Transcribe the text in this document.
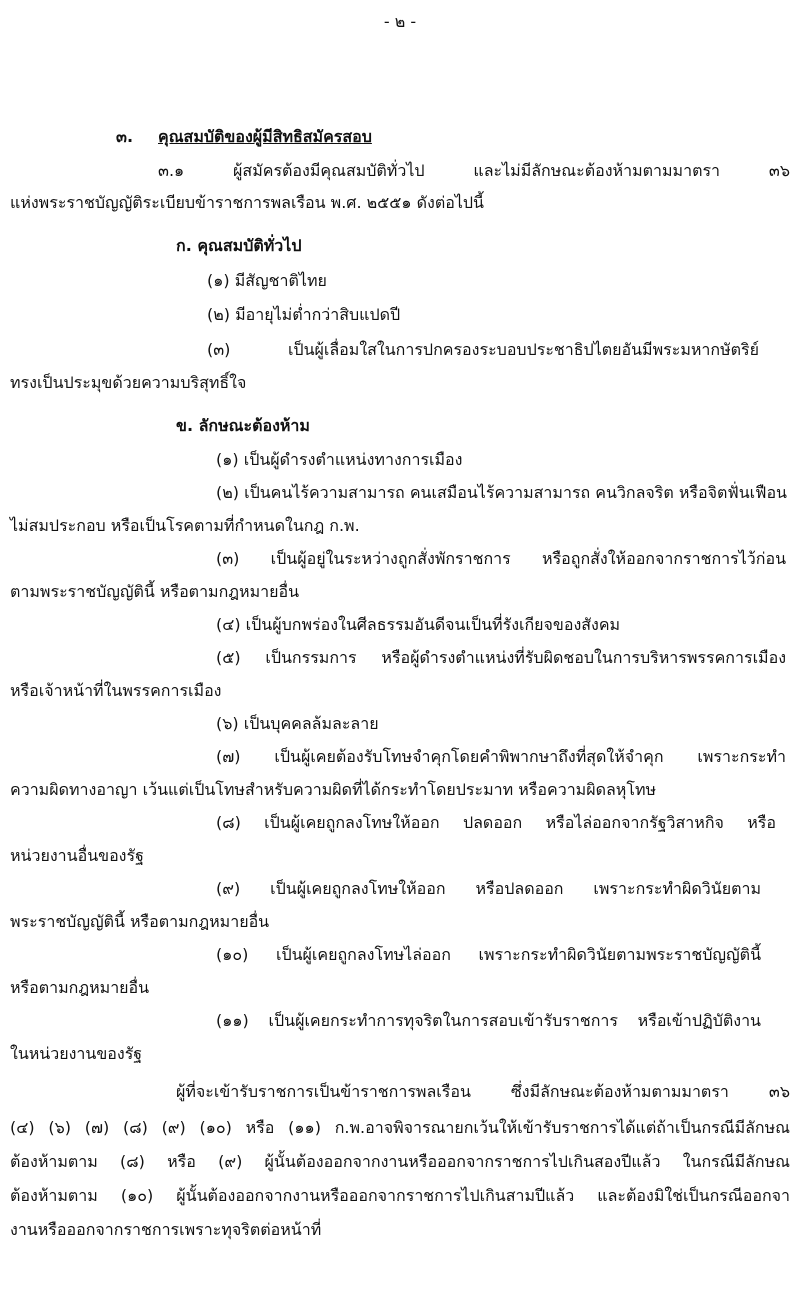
- ๒ -
๓. คุณสมบัติของผู้มีสิทธิสมัครสอบ
๓.๑ ผู้สมัครต้องมีคุณสมบัติทั่วไป และไม่มีลักษณะต้องห้ามตามมาตรา ๓๖
แห่งพระราชบัญญัติระเบียบข้าราชการพลเรือน พ.ศ. ๒๕๕๑ ดังต่อไปนี้
ก. คุณสมบัติทั่วไป
(๑) มีสัญชาติไทย
(๒) มีอายุไม่ต่ำกว่าสิบแปดปี
(๓) เป็นผู้เลื่อมใสในการปกครองระบอบประชาธิปไตยอันมีพระมหากษัตริย์
ทรงเป็นประมุขด้วยความบริสุทธิ์ใจ
ข. ลักษณะต้องห้าม
(๑) เป็นผู้ดำรงตำแหน่งทางการเมือง
(๒) เป็นคนไร้ความสามารถ คนเสมือนไร้ความสามารถ คนวิกลจริต หรือจิตฟั่นเฟือน
ไม่สมประกอบ หรือเป็นโรคตามที่กำหนดในกฎ ก.พ.
(๓) เป็นผู้อยู่ในระหว่างถูกสั่งพักราชการ หรือถูกสั่งให้ออกจากราชการไว้ก่อน
ตามพระราชบัญญัตินี้ หรือตามกฎหมายอื่น
(๔) เป็นผู้บกพร่องในศีลธรรมอันดีจนเป็นที่รังเกียจของสังคม
(๕) เป็นกรรมการ หรือผู้ดำรงตำแหน่งที่รับผิดชอบในการบริหารพรรคการเมือง
หรือเจ้าหน้าที่ในพรรคการเมือง
(๖) เป็นบุคคลล้มละลาย
(๗) เป็นผู้เคยต้องรับโทษจำคุกโดยคำพิพากษาถึงที่สุดให้จำคุก เพราะกระทำ
ความผิดทางอาญา เว้นแต่เป็นโทษสำหรับความผิดที่ได้กระทำโดยประมาท หรือความผิดลหุโทษ
(๘) เป็นผู้เคยถูกลงโทษให้ออก ปลดออก หรือไล่ออกจากรัฐวิสาหกิจ หรือ
หน่วยงานอื่นของรัฐ
(๙) เป็นผู้เคยถูกลงโทษให้ออก หรือปลดออก เพราะกระทำผิดวินัยตาม
พระราชบัญญัตินี้ หรือตามกฎหมายอื่น
(๑๐) เป็นผู้เคยถูกลงโทษไล่ออก เพราะกระทำผิดวินัยตามพระราชบัญญัตินี้
หรือตามกฎหมายอื่น
(๑๑) เป็นผู้เคยกระทำการทุจริตในการสอบเข้ารับราชการ หรือเข้าปฏิบัติงาน
ในหน่วยงานของรัฐ
ผู้ที่จะเข้ารับราชการเป็นข้าราชการพลเรือน ซึ่งมีลักษณะต้องห้ามตามมาตรา ๓๖
(๔) (๖) (๗) (๘) (๙) (๑๐) หรือ (๑๑) ก.พ.อาจพิจารณายกเว้นให้เข้ารับราชการได้แต่ถ้าเป็นกรณีมีลักษณ
ต้องห้ามตาม (๘) หรือ (๙) ผู้นั้นต้องออกจากงานหรือออกจากราชการไปเกินสองปีแล้ว ในกรณีมีลักษณ
ต้องห้ามตาม (๑๐) ผู้นั้นต้องออกจากงานหรือออกจากราชการไปเกินสามปีแล้ว และต้องมิใช่เป็นกรณีออกจา
งานหรือออกจากราชการเพราะทุจริตต่อหน้าที่
